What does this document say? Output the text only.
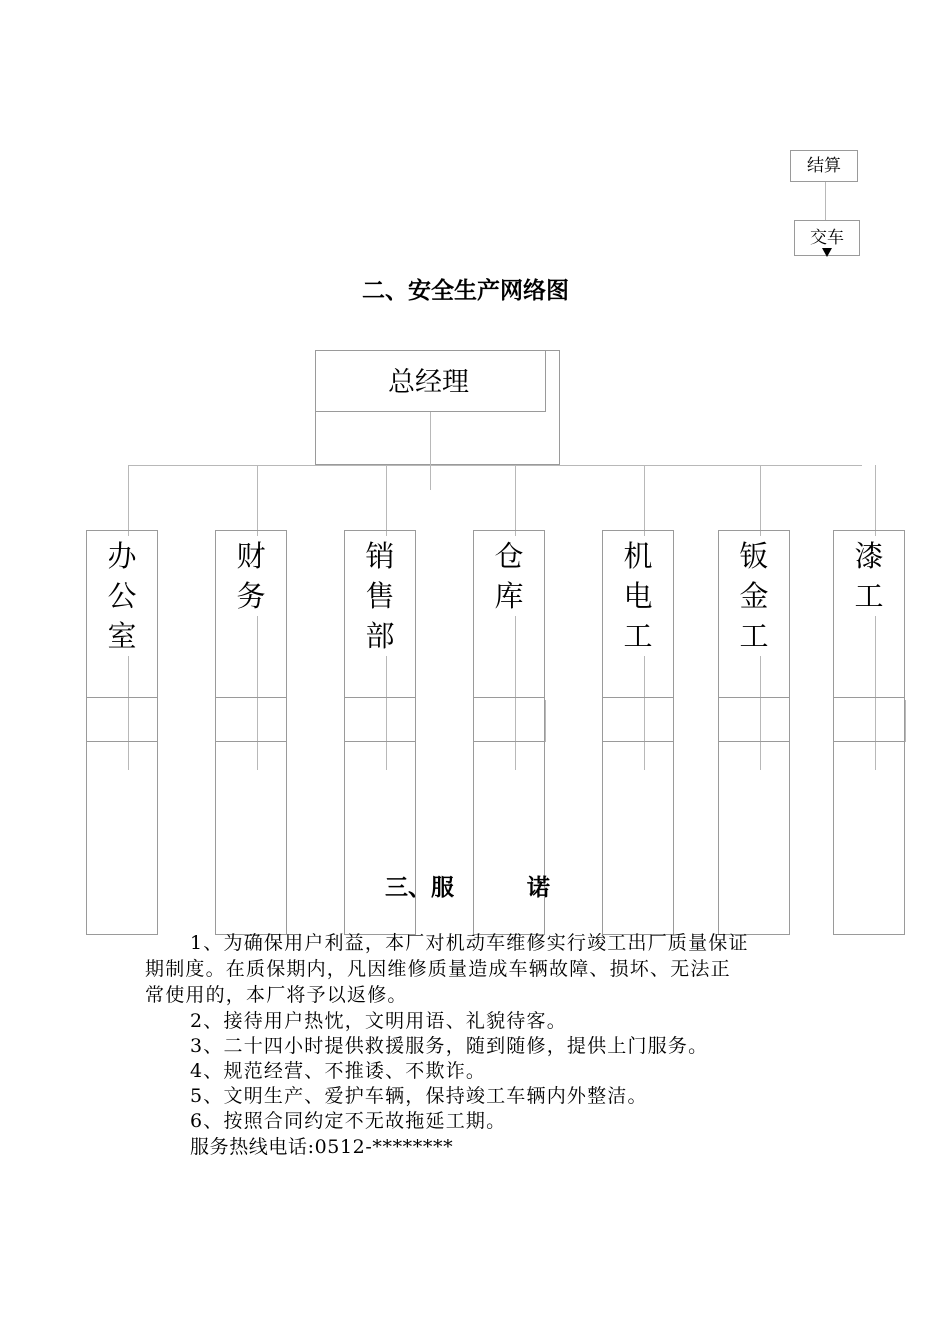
结算
交车
二、安全生产网络图
总经理
办
公
室
财
务
销
售
部
仓
库
机
电
工
钣
金
工
漆
工
三、服	诺
1、为确保用户利益，本厂对机动车维修实行竣工出厂质量保证
期制度。在质保期内，凡因维修质量造成车辆故障、损坏、无法正
常使用的，本厂将予以返修。
2、接待用户热忱，文明用语、礼貌待客。
3、二十四小时提供救援服务，随到随修，提供上门服务。
4、规范经营、不推诿、不欺诈。
5、文明生产、爱护车辆，保持竣工车辆内外整洁。
6、按照合同约定不无故拖延工期。
服务热线电话:0512-********
